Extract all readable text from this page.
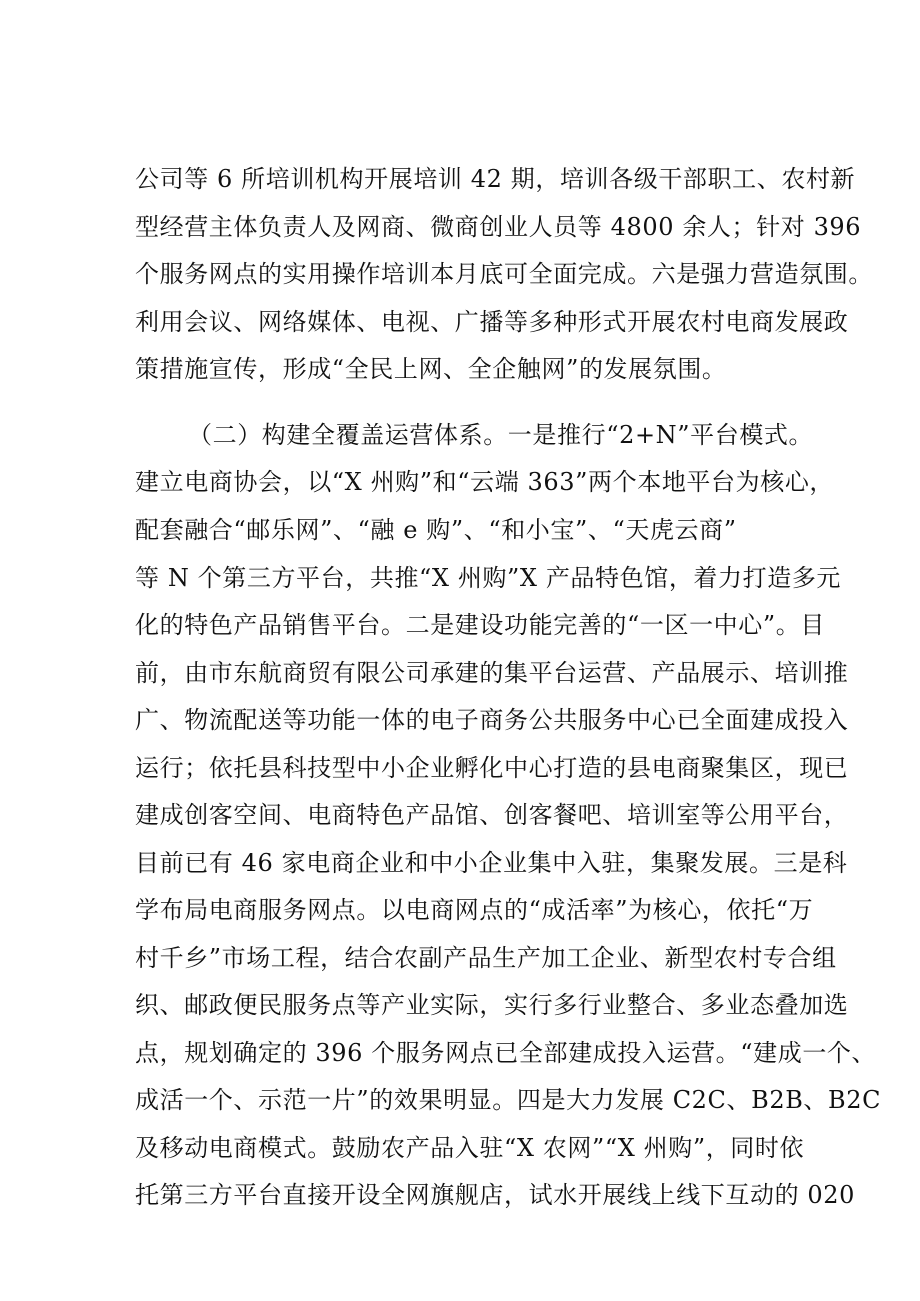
公司等 6 所培训机构开展培训 42 期，培训各级干部职工、农村新
型经营主体负责人及网商、微商创业人员等 4800 余人；针对 396
个服务网点的实用操作培训本月底可全面完成。六是强力营造氛围。
利用会议、网络媒体、电视、广播等多种形式开展农村电商发展政
策措施宣传，形成“全民上网、全企触网”的发展氛围。
（二）构建全覆盖运营体系。一是推行“2+N”平台模式。
建立电商协会，以“X 州购”和“云端 363”两个本地平台为核心，
配套融合“邮乐网”、“融 e 购”、“和小宝”、“天虎云商”
等 N 个第三方平台，共推“X 州购”X 产品特色馆，着力打造多元
化的特色产品销售平台。二是建设功能完善的“一区一中心”。目
前，由市东航商贸有限公司承建的集平台运营、产品展示、培训推
广、物流配送等功能一体的电子商务公共服务中心已全面建成投入
运行；依托县科技型中小企业孵化中心打造的县电商聚集区，现已
建成创客空间、电商特色产品馆、创客餐吧、培训室等公用平台，
目前已有 46 家电商企业和中小企业集中入驻，集聚发展。三是科
学布局电商服务网点。以电商网点的“成活率”为核心，依托“万
村千乡”市场工程，结合农副产品生产加工企业、新型农村专合组
织、邮政便民服务点等产业实际，实行多行业整合、多业态叠加选
点，规划确定的 396 个服务网点已全部建成投入运营。“建成一个、
成活一个、示范一片”的效果明显。四是大力发展 C2C、B2B、B2C
及移动电商模式。鼓励农产品入驻“X 农网”“X 州购”，同时依
托第三方平台直接开设全网旗舰店，试水开展线上线下互动的 020
